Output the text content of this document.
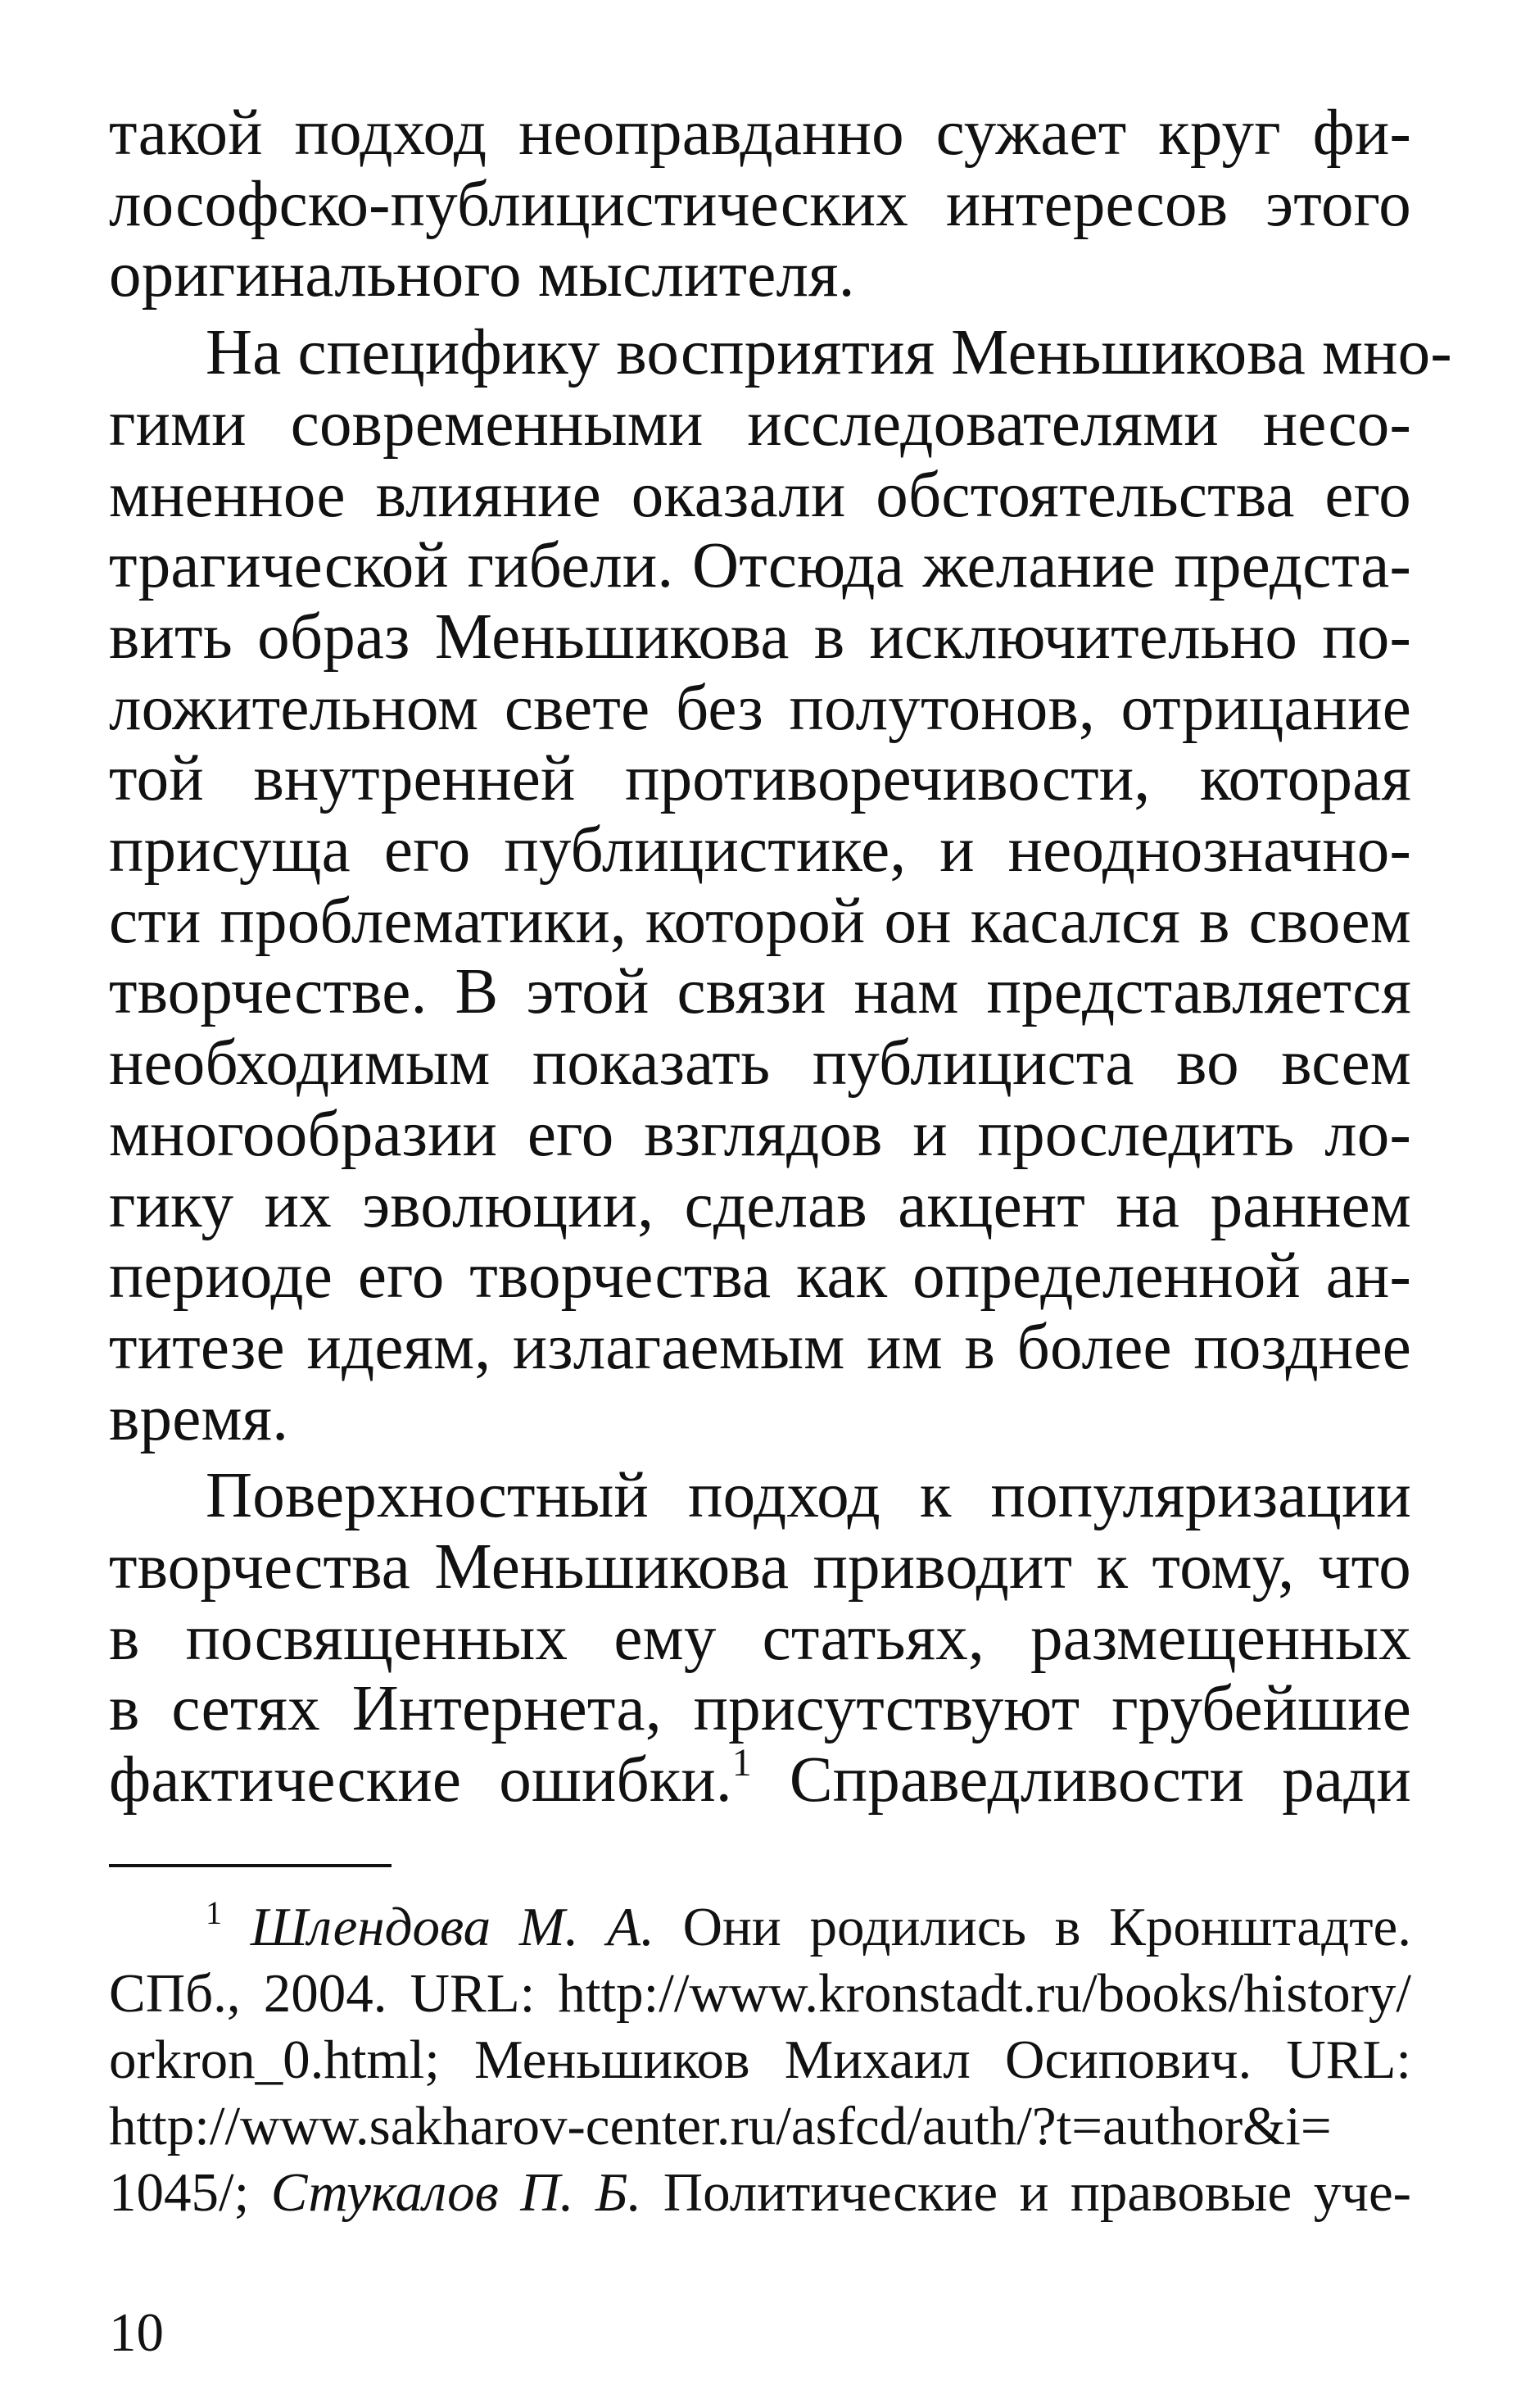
такой подход неоправданно сужает круг фи-
лософско-публицистических интересов этого
оригинального мыслителя.

На специфику восприятия Меньшикова мно-
гими современными исследователями несо-
мненное влияние оказали обстоятельства его
трагической гибели. Отсюда желание предста-
вить образ Меньшикова в исключительно по-
ложительном свете без полутонов, отрицание
той внутренней противоречивости, которая
присуща его публицистике, и неоднозначно-
сти проблематики, которой он касался в своем
творчестве. В этой связи нам представляется
необходимым показать публициста во всем
многообразии его взглядов и проследить ло-
гику их эволюции, сделав акцент на раннем
периоде его творчества как определенной ан-
титезе идеям, излагаемым им в более позднее
время.

Поверхностный подход к популяризации
творчества Меньшикова приводит к тому, что
в посвященных ему статьях, размещенных
в сетях Интернета, присутствуют грубейшие
фактические ошибки.$^1$ Справедливости ради

$^1$ Шлендова М. А. Они родились в Кронштадте.
СПб., 2004. URL: http://www.kronstadt.ru/books/history/
orkron_0.html; Меньшиков Михаил Осипович. URL:
http://www.sakharov-center.ru/asfcd/auth/?t=author&i=
1045/; Стукалов П. Б. Политические и правовые уче-
10
